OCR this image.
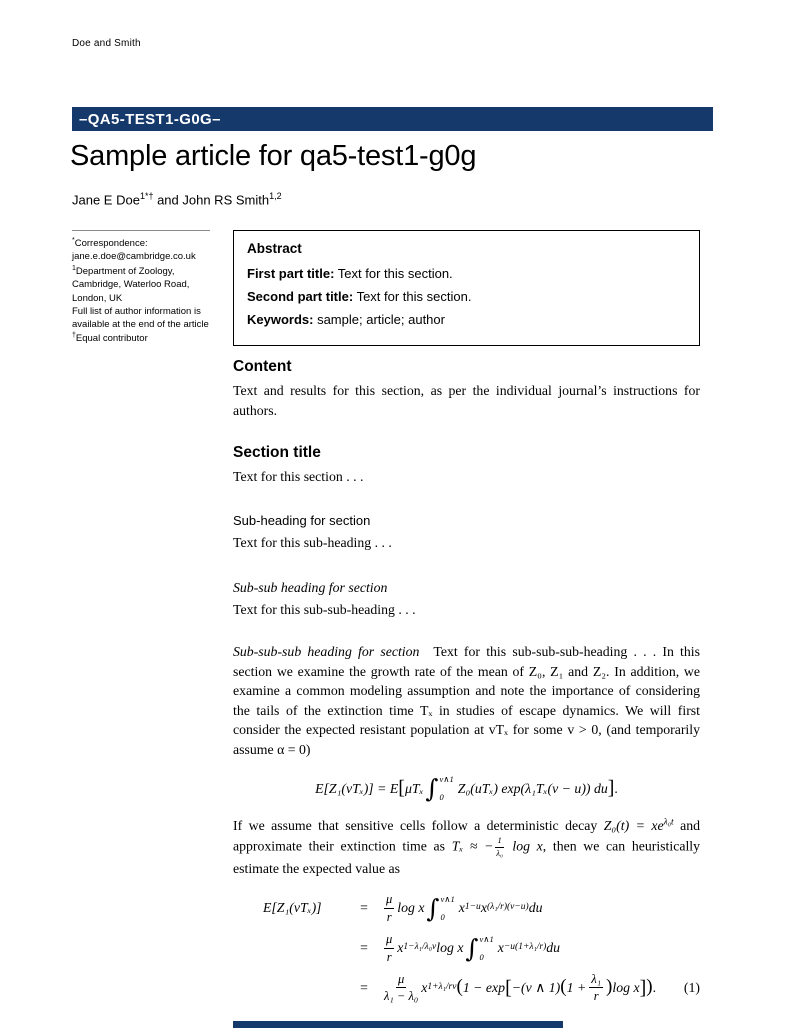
Doe and Smith
–QA5-TEST1-G0G–
Sample article for qa5-test1-g0g
Jane E Doe$^{1*\dagger}$ and John RS Smith$^{1,2}$
*Correspondence:
jane.e.doe@cambridge.co.uk
$^1$Department of Zoology, Cambridge, Waterloo Road, London, UK
Full list of author information is available at the end of the article
†Equal contributor
Abstract
First part title: Text for this section.
Second part title: Text for this section.
Keywords: sample; article; author
Content

Text and results for this section, as per the individual journal’s instructions for authors.

Section title

Text for this section . . .

Sub-heading for section

Text for this sub-heading . . .

Sub-sub heading for section

Text for this sub-sub-heading . . .

Sub-sub-sub heading for section Text for this sub-sub-sub-heading . . . In this section we examine the growth rate of the mean of Z₀, Z₁ and Z₂. In addition, we examine a common modeling assumption and note the importance of considering the tails of the extinction time Tₓ in studies of escape dynamics. We will first consider the expected resistant population at vTₓ for some v > 0, (and temporarily assume α = 0)

E[Z₁(vTₓ)] = E [ μTₓ ∫ v∧1
0
Z₀(uTₓ) exp(λ₁Tₓ(v − u)) du ] .

If we assume that sensitive cells follow a deterministic decay $Z_0(t) = xe^{\lambda_0t}$ and approximate their extinction time as Tₓ ≈ − $\frac{1}{\text{λ₀}}$ log x, then we can heuristically estimate the expected value as

E[Z₁(vTₓ)]	=	$\frac{\mu}{r}$ log x ∫ v∧1
0
x 1−u x (λ₁/r)(v−u) du
=	$\frac{\mu}{r}$ x 1−λ₁/λ₀v log x ∫ v∧1
0
x −u(1+λ₁/r) du
=	$\frac{\mu}{\text{λ₁ − λ₀}}$ x 1+λ₁/rv ( 1 − exp [ −(v ∧ 1) ( $1 + \frac{\text{λ₁}}{r}$ ) log x ] ) . (1)
